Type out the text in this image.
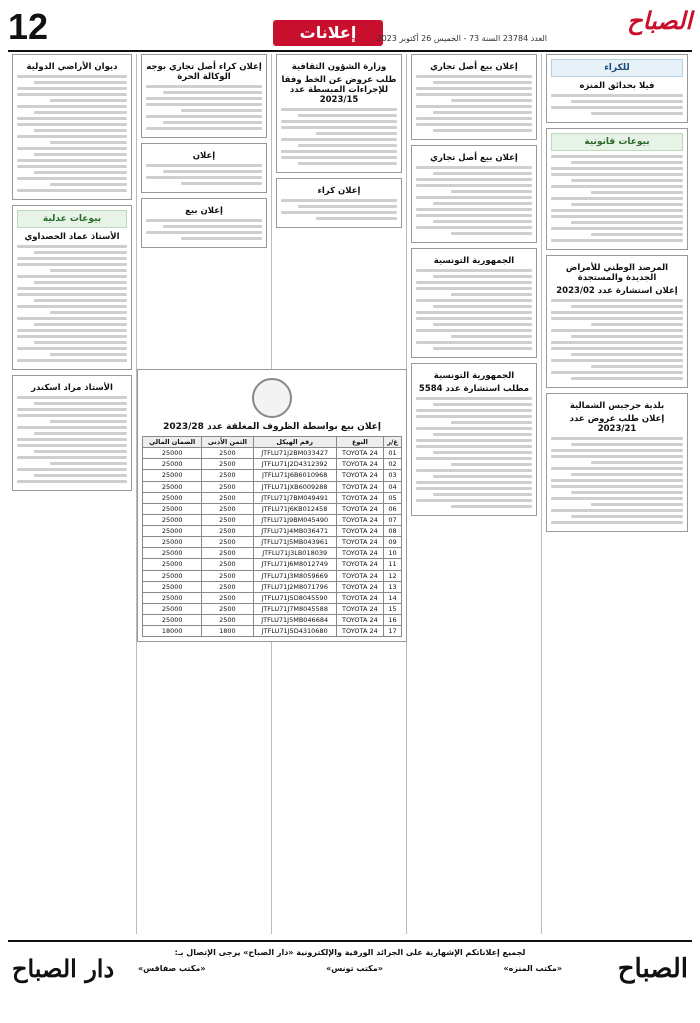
12	إعلانات	الصباح
العدد 23784 السنة 73 - الخميس 26 أكتوبر 2023
للكراء
فيلا بحدائق المنزه
بيوعات قانونية
المرصد الوطني للأمراض الجديدة والمستجدة
إعلان استشارة عدد 2023/02
بلدية جرجيس الشمالية
إعلان طلب عروض عدد 2023/21
إعلان بيع أصل تجاري
إعلان بيع أصل تجاري
الجمهورية التونسية
الجمهورية التونسية
مطلب استشارة عدد 5584
وزارة الشؤون الثقافية
طلب عروض عن الخط وفقا للإجراءات المبسطة عدد 2023/15
إعلان كراء
إعلان كراء أصل تجاري بوجه الوكالة الحرة
إعلان
إعلان بيع
ديوان الأراضي الدولية
بيوعات عدلية
الأستاذ عماد الحصداوي
الأستاذ مراد اسكندر
إعلان بيع بواسطة الظروف المغلقة عدد 2023/28
ع/ر	النوع	رقم الهيكل	الثمن الأدنى	الضمان المالي
01	TOYOTA 24	JTFLU71J2BM033427	2500	25000
02	TOYOTA 24	JTFLU71J2D4312392	2500	25000
03	TOYOTA 24	JTFLU71J6B6010968	2500	25000
04	TOYOTA 24	JTFLU71JXB6009288	2500	25000
05	TOYOTA 24	JTFLU71J7BM049491	2500	25000
06	TOYOTA 24	JTFLU71J6KB012458	2500	25000
07	TOYOTA 24	JTFLU71J9BM045490	2500	25000
08	TOYOTA 24	JTFLU71J4MB036471	2500	25000
09	TOYOTA 24	JTFLU71J5MB043961	2500	25000
10	TOYOTA 24	JTFLU71J3LB018039	2500	25000
11	TOYOTA 24	JTFLU71J6M8012749	2500	25000
12	TOYOTA 24	JTFLU71J3M8059669	2500	25000
13	TOYOTA 24	JTFLU71J2M8071796	2500	25000
14	TOYOTA 24	JTFLU71J5D8045590	2500	25000
15	TOYOTA 24	JTFLU71J7M8045588	2500	25000
16	TOYOTA 24	JTFLU71J5MB046684	2500	25000
17	TOYOTA 24	JTFLU71J5D4310680	1800	18000
الصباح
لجميع إعلاناتكم الإشهارية على الجرائد الورقية والإلكترونية «دار الصباح» يرجى الإتصال بـ:
«مكتب المنزه»
«مكتب تونس»
«مكتب صفاقس»
دار الصباح
